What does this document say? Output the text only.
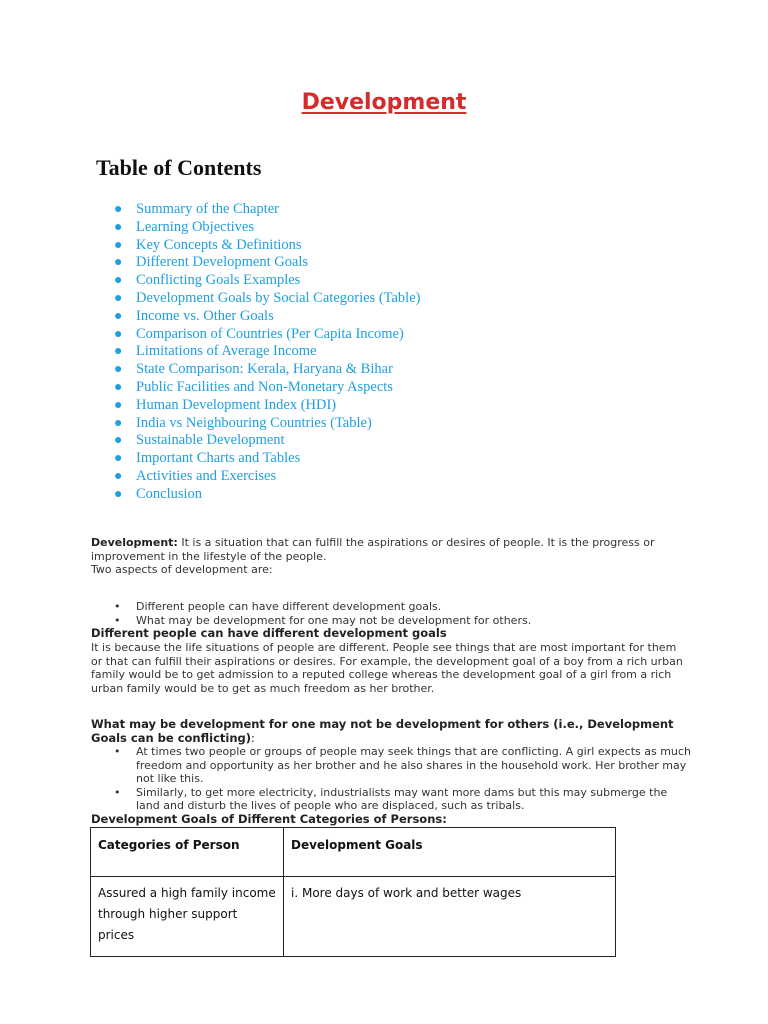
Development
Table of Contents
● Summary of the Chapter
● Learning Objectives
● Key Concepts & Definitions
● Different Development Goals
● Conflicting Goals Examples
● Development Goals by Social Categories (Table)
● Income vs. Other Goals
● Comparison of Countries (Per Capita Income)
● Limitations of Average Income
● State Comparison: Kerala, Haryana & Bihar
● Public Facilities and Non-Monetary Aspects
● Human Development Index (HDI)
● India vs Neighbouring Countries (Table)
● Sustainable Development
● Important Charts and Tables
● Activities and Exercises
● Conclusion
Development: It is a situation that can fulfill the aspirations or desires of people. It is the progress or improvement in the lifestyle of the people.
Two aspects of development are:
• Different people can have different development goals.
• What may be development for one may not be development for others.
Different people can have different development goals
It is because the life situations of people are different. People see things that are most important for them or that can fulfill their aspirations or desires. For example, the development goal of a boy from a rich urban family would be to get admission to a reputed college whereas the development goal of a girl from a rich urban family would be to get as much freedom as her brother.
What may be development for one may not be development for others (i.e., Development Goals can be conflicting):
• At times two people or groups of people may seek things that are conflicting. A girl expects as much freedom and opportunity as her brother and he also shares in the household work. Her brother may not like this.
• Similarly, to get more electricity, industrialists may want more dams but this may submerge the land and disturb the lives of people who are displaced, such as tribals.
Development Goals of Different Categories of Persons:
Categories of Person	Development Goals
Assured a high family income through higher support prices	i. More days of work and better wages
